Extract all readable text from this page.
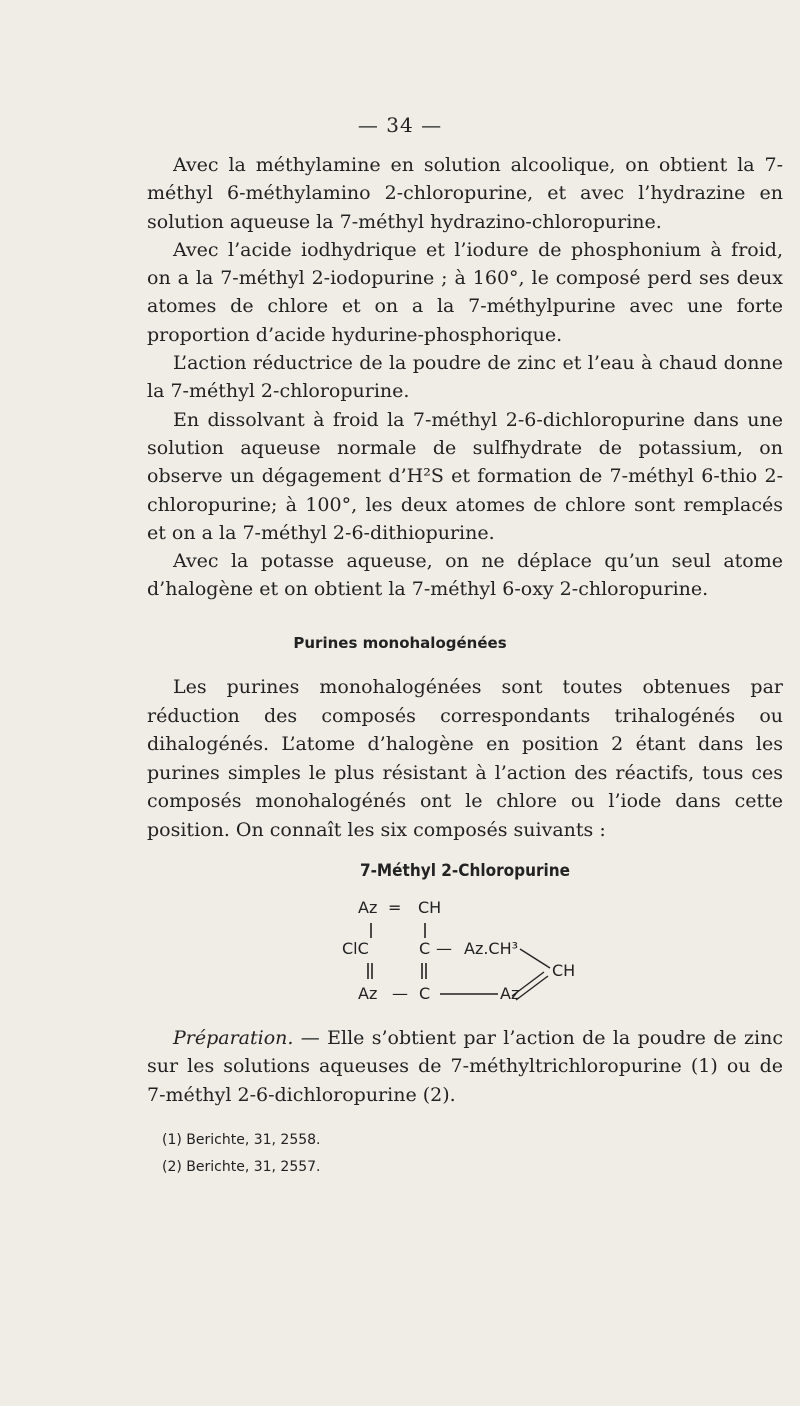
— 34 —

Avec la méthylamine en solution alcoolique, on obtient la 7-méthyl 6-méthylamino 2-chloropurine, et avec l’hydrazine en solution aqueuse la 7-méthyl hydrazino-chloropurine.

Avec l’acide iodhydrique et l’iodure de phosphonium à froid, on a la 7-méthyl 2-iodopurine ; à 160°, le composé perd ses deux atomes de chlore et on a la 7-méthylpurine avec une forte proportion d’acide hydurine-phosphorique.

L’action réductrice de la poudre de zinc et l’eau à chaud donne la 7-méthyl 2-chloropurine.

En dissolvant à froid la 7-méthyl 2-6-dichloropurine dans une solution aqueuse normale de sulfhydrate de potassium, on observe un dégagement d’H²S et formation de 7-méthyl 6-thio 2-chloropurine; à 100°, les deux atomes de chlore sont remplacés et on a la 7-méthyl 2-6-dithiopurine.

Avec la potasse aqueuse, on ne déplace qu’un seul atome d’halogène et on obtient la 7-méthyl 6-oxy 2-chloropurine.

Purines monohalogénées

Les purines monohalogénées sont toutes obtenues par réduction des composés correspondants trihalogénés ou dihalogénés. L’atome d’halogène en position 2 étant dans les purines simples le plus résistant à l’action des réactifs, tous ces composés monohalogénés ont le chlore ou l’iode dans cette position. On connaît les six composés suivants :

7-Méthyl 2-Chloropurine
Az = CH
ClC	C — Az.CH³
CH
Az — C	Az

Préparation. — Elle s’obtient par l’action de la poudre de zinc sur les solutions aqueuses de 7-méthyltrichloropurine (1) ou de 7-méthyl 2-6-dichloropurine (2).

(1) Berichte, 31, 2558.
(2) Berichte, 31, 2557.
